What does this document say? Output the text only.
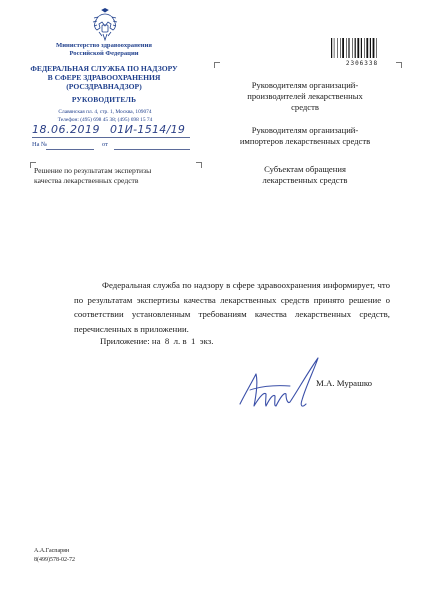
Министерство здравоохранения
Российской Федерации
ФЕДЕРАЛЬНАЯ СЛУЖБА ПО НАДЗОРУ
В СФЕРЕ ЗДРАВООХРАНЕНИЯ
(РОСЗДРАВНАДЗОР)
РУКОВОДИТЕЛЬ
Славянская пл. 4, стр. 1, Москва, 109074
Телефон: (495) 698 45 38; (495) 698 15 74
18.06.2019 01И-1514/19
На №	от
Решение по результатам экспертизы
качества лекарственных средств
2306338
Руководителям организаций-
производителей лекарственных
средств
Руководителям организаций-
импортеров лекарственных средств
Субъектам обращения
лекарственных средств
Федеральная служба по надзору в сфере здравоохранения информирует, что по результатам экспертизы качества лекарственных средств принято решение о соответствии установленным требованиям качества лекарственных средств, перечисленных в приложении.
Приложение: на  8  л. в  1  экз.
М.А. Мурашко
А.А.Гаспарян
8(499)578-02-72
